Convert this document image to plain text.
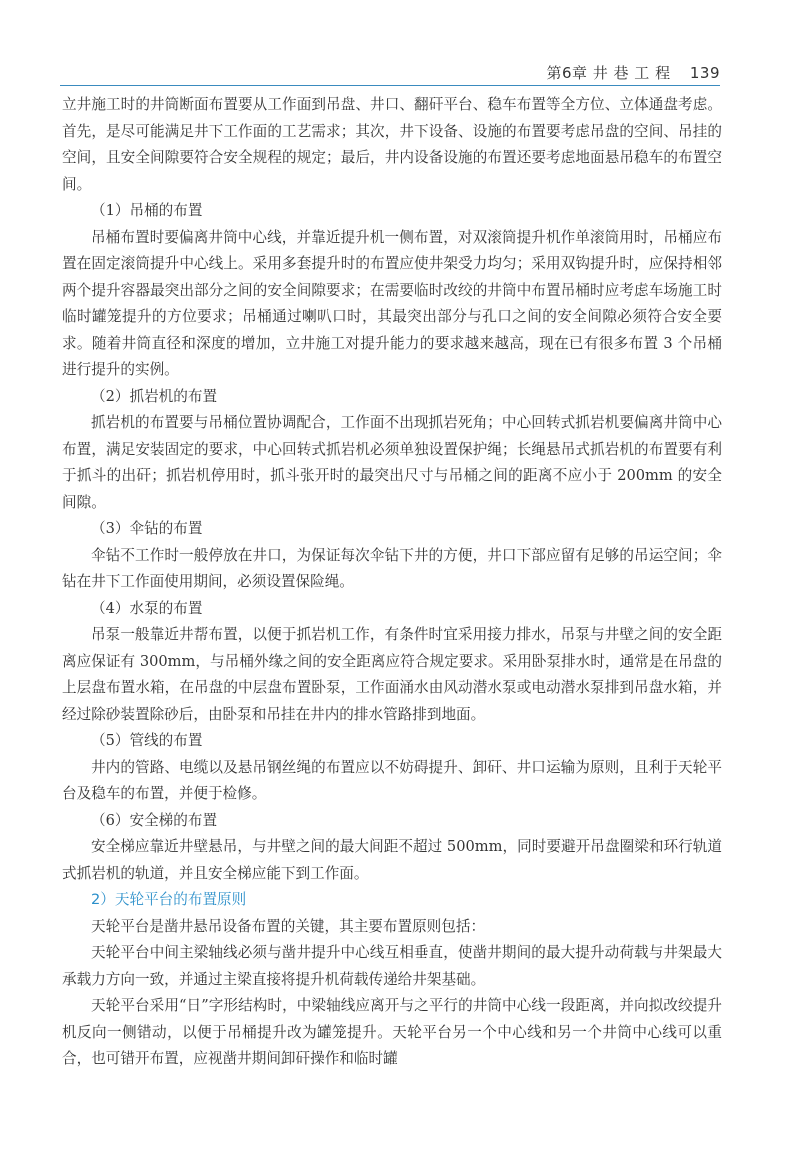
第6章 井 巷 工 程 139

立井施工时的井筒断面布置要从工作面到吊盘、井口、翻矸平台、稳车布置等全方位、立体通盘考虑。首先，是尽可能满足井下工作面的工艺需求；其次，井下设备、设施的布置要考虑吊盘的空间、吊挂的空间，且安全间隙要符合安全规程的规定；最后，井内设备设施的布置还要考虑地面悬吊稳车的布置空间。

（1）吊桶的布置

吊桶布置时要偏离井筒中心线，并靠近提升机一侧布置，对双滚筒提升机作单滚筒用时，吊桶应布置在固定滚筒提升中心线上。采用多套提升时的布置应使井架受力均匀；采用双钩提升时，应保持相邻两个提升容器最突出部分之间的安全间隙要求；在需要临时改绞的井筒中布置吊桶时应考虑车场施工时临时罐笼提升的方位要求；吊桶通过喇叭口时，其最突出部分与孔口之间的安全间隙必须符合安全要求。随着井筒直径和深度的增加，立井施工对提升能力的要求越来越高，现在已有很多布置 3 个吊桶进行提升的实例。

（2）抓岩机的布置

抓岩机的布置要与吊桶位置协调配合，工作面不出现抓岩死角；中心回转式抓岩机要偏离井筒中心布置，满足安装固定的要求，中心回转式抓岩机必须单独设置保护绳；长绳悬吊式抓岩机的布置要有利于抓斗的出矸；抓岩机停用时，抓斗张开时的最突出尺寸与吊桶之间的距离不应小于 200mm 的安全间隙。

（3）伞钻的布置

伞钻不工作时一般停放在井口，为保证每次伞钻下井的方便，井口下部应留有足够的吊运空间；伞钻在井下工作面使用期间，必须设置保险绳。

（4）水泵的布置

吊泵一般靠近井帮布置，以便于抓岩机工作，有条件时宜采用接力排水，吊泵与井壁之间的安全距离应保证有 300mm，与吊桶外缘之间的安全距离应符合规定要求。采用卧泵排水时，通常是在吊盘的上层盘布置水箱，在吊盘的中层盘布置卧泵，工作面涌水由风动潜水泵或电动潜水泵排到吊盘水箱，并经过除砂装置除砂后，由卧泵和吊挂在井内的排水管路排到地面。

（5）管线的布置

井内的管路、电缆以及悬吊钢丝绳的布置应以不妨碍提升、卸矸、井口运输为原则，且利于天轮平台及稳车的布置，并便于检修。

（6）安全梯的布置

安全梯应靠近井壁悬吊，与井壁之间的最大间距不超过 500mm，同时要避开吊盘圈梁和环行轨道式抓岩机的轨道，并且安全梯应能下到工作面。

2）天轮平台的布置原则

天轮平台是凿井悬吊设备布置的关键，其主要布置原则包括：

天轮平台中间主梁轴线必须与凿井提升中心线互相垂直，使凿井期间的最大提升动荷载与井架最大承载力方向一致，并通过主梁直接将提升机荷载传递给井架基础。

天轮平台采用“日”字形结构时，中梁轴线应离开与之平行的井筒中心线一段距离，并向拟改绞提升机反向一侧错动，以便于吊桶提升改为罐笼提升。天轮平台另一个中心线和另一个井筒中心线可以重合，也可错开布置，应视凿井期间卸矸操作和临时罐
